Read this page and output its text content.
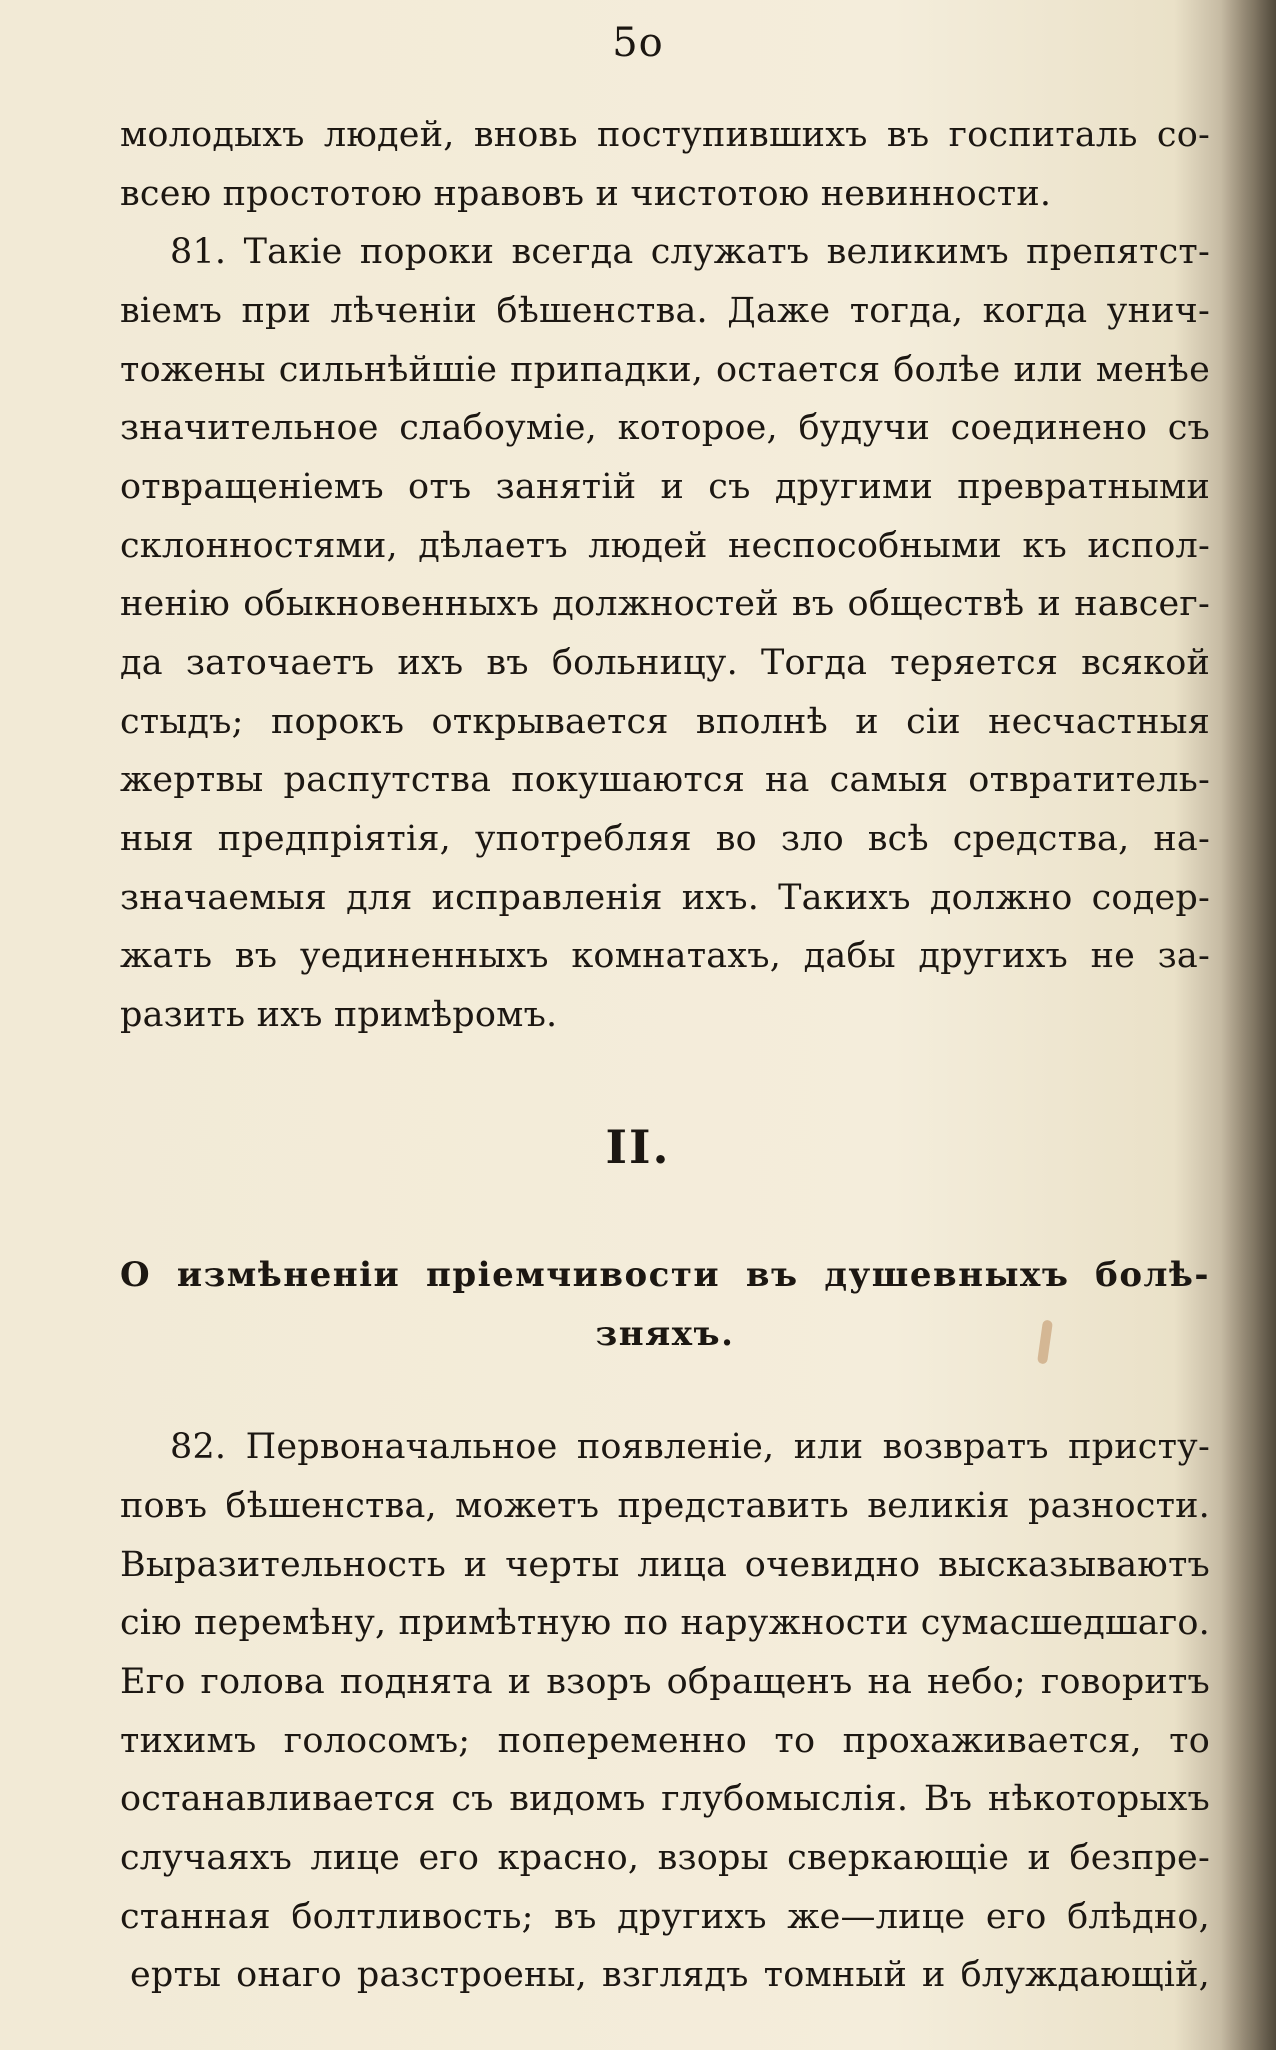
5o
молодыхъ людей, вновь поступившихъ въ госпиталь со-
всею простотою нравовъ и чистотою невинности.
81. Такіе пороки всегда служатъ великимъ препятст-
віемъ при лѣченіи бѣшенства. Даже тогда, когда унич-
тожены сильнѣйшіе припадки, остается болѣе или менѣе
значительное слабоуміе, которое, будучи соединено съ
отвращеніемъ отъ занятій и съ другими превратными
склонностями, дѣлаетъ людей неспособными къ испол-
ненію обыкновенныхъ должностей въ обществѣ и навсег-
да заточаетъ ихъ въ больницу. Тогда теряется всякой
стыдъ; порокъ открывается вполнѣ и сіи несчастныя
жертвы распутства покушаются на самыя отвратитель-
ныя предпріятія, употребляя во зло всѣ средства, на-
значаемыя для исправленія ихъ. Такихъ должно содер-
жать въ уединенныхъ комнатахъ, дабы другихъ не за-
разить ихъ примѣромъ.
II.
О измѣненіи пріемчивости въ душевныхъ болѣ-
зняхъ.
82. Первоначальное появленіе, или возвратъ присту-
повъ бѣшенства, можетъ представить великія разности.
Выразительность и черты лица очевидно высказываютъ
сію перемѣну, примѣтную по наружности сумасшедшаго.
Его голова поднята и взоръ обращенъ на небо; говоритъ
тихимъ голосомъ; попеременно то прохаживается, то
останавливается съ видомъ глубомыслія. Въ нѣкоторыхъ
случаяхъ лице его красно, взоры сверкающіе и безпре-
станная болтливость; въ другихъ же—лице его блѣдно,
ерты онаго разстроены, взглядъ томный и блуждающій,
